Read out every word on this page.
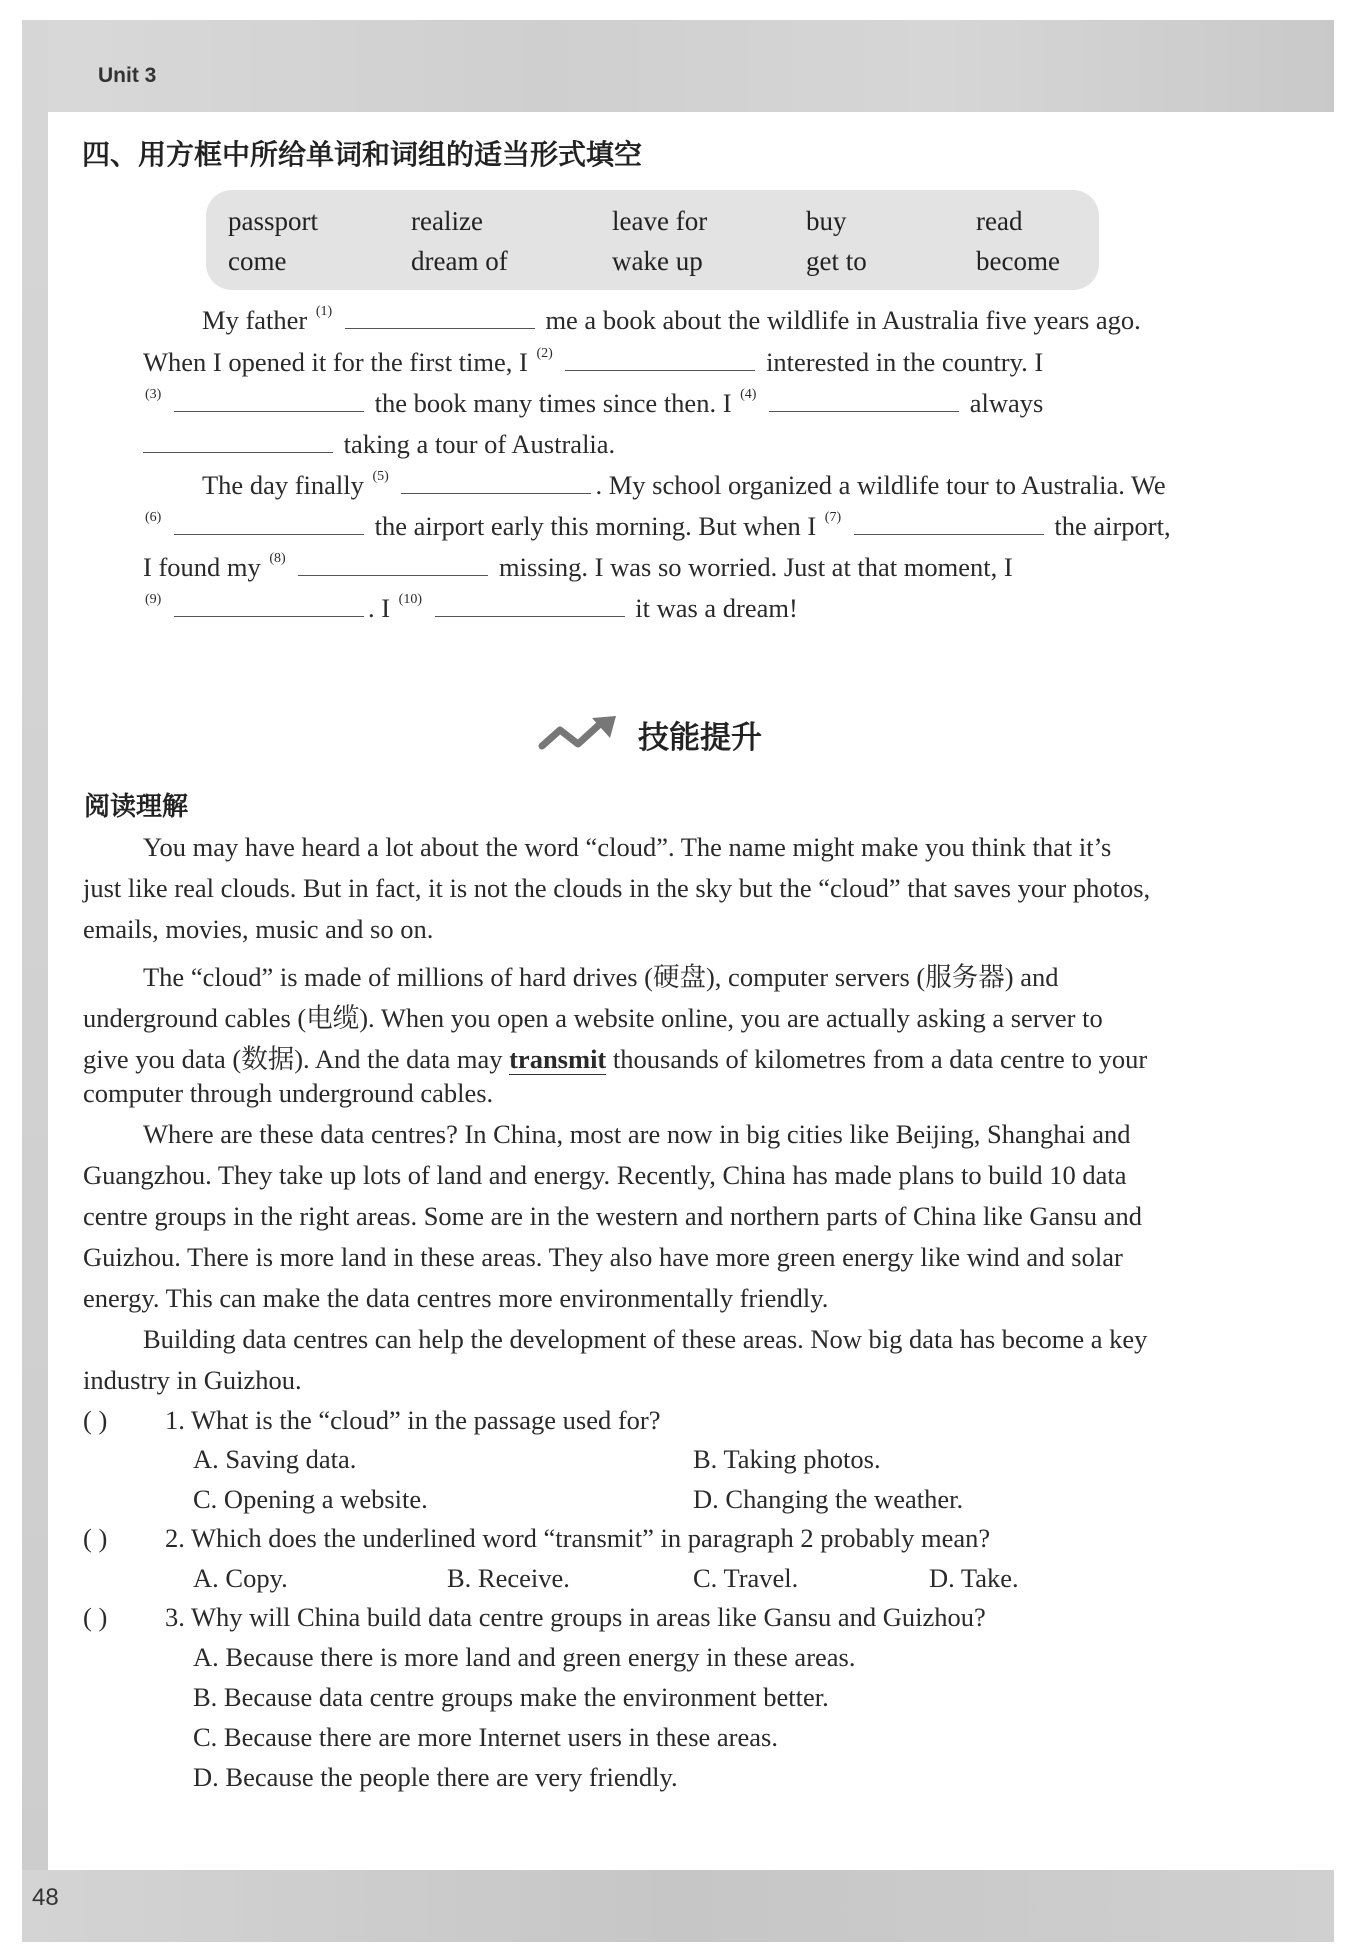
Unit 3
48
四、用方框中所给单词和词组的适当形式填空
passport	realize	leave for	buy	read
come	dream of	wake up	get to	become
My father $^{(1)}$	me a book about the wildlife in Australia five years ago.
When I opened it for the first time, I $^{(2)}$	interested in the country. I
$^{(3)}$	the book many times since then. I $^{(4)}$	always
taking a tour of Australia.
The day finally $^{(5)}$	. My school organized a wildlife tour to Australia. We
$^{(6)}$	the airport early this morning. But when I $^{(7)}$	the airport,
I found my $^{(8)}$	missing. I was so worried. Just at that moment, I
$^{(9)}$	. I $^{(10)}$	it was a dream!
技能提升
阅读理解
You may have heard a lot about the word “cloud”. The name might make you think that it’s
just like real clouds. But in fact, it is not the clouds in the sky but the “cloud” that saves your photos,
emails, movies, music and so on.
The “cloud” is made of millions of hard drives (硬盘), computer servers (服务器) and
underground cables (电缆). When you open a website online, you are actually asking a server to
give you data (数据). And the data may transmit thousands of kilometres from a data centre to your
computer through underground cables.
Where are these data centres? In China, most are now in big cities like Beijing, Shanghai and
Guangzhou. They take up lots of land and energy. Recently, China has made plans to build 10 data
centre groups in the right areas. Some are in the western and northern parts of China like Gansu and
Guizhou. There is more land in these areas. They also have more green energy like wind and solar
energy. This can make the data centres more environmentally friendly.
Building data centres can help the development of these areas. Now big data has become a key
industry in Guizhou.
( ) 1. What is the “cloud” in the passage used for?
A. Saving data.	B. Taking photos.
C. Opening a website.	D. Changing the weather.
( ) 2. Which does the underlined word “transmit” in paragraph 2 probably mean?
A. Copy.	B. Receive.	C. Travel.	D. Take.
( ) 3. Why will China build data centre groups in areas like Gansu and Guizhou?
A. Because there is more land and green energy in these areas.
B. Because data centre groups make the environment better.
C. Because there are more Internet users in these areas.
D. Because the people there are very friendly.
